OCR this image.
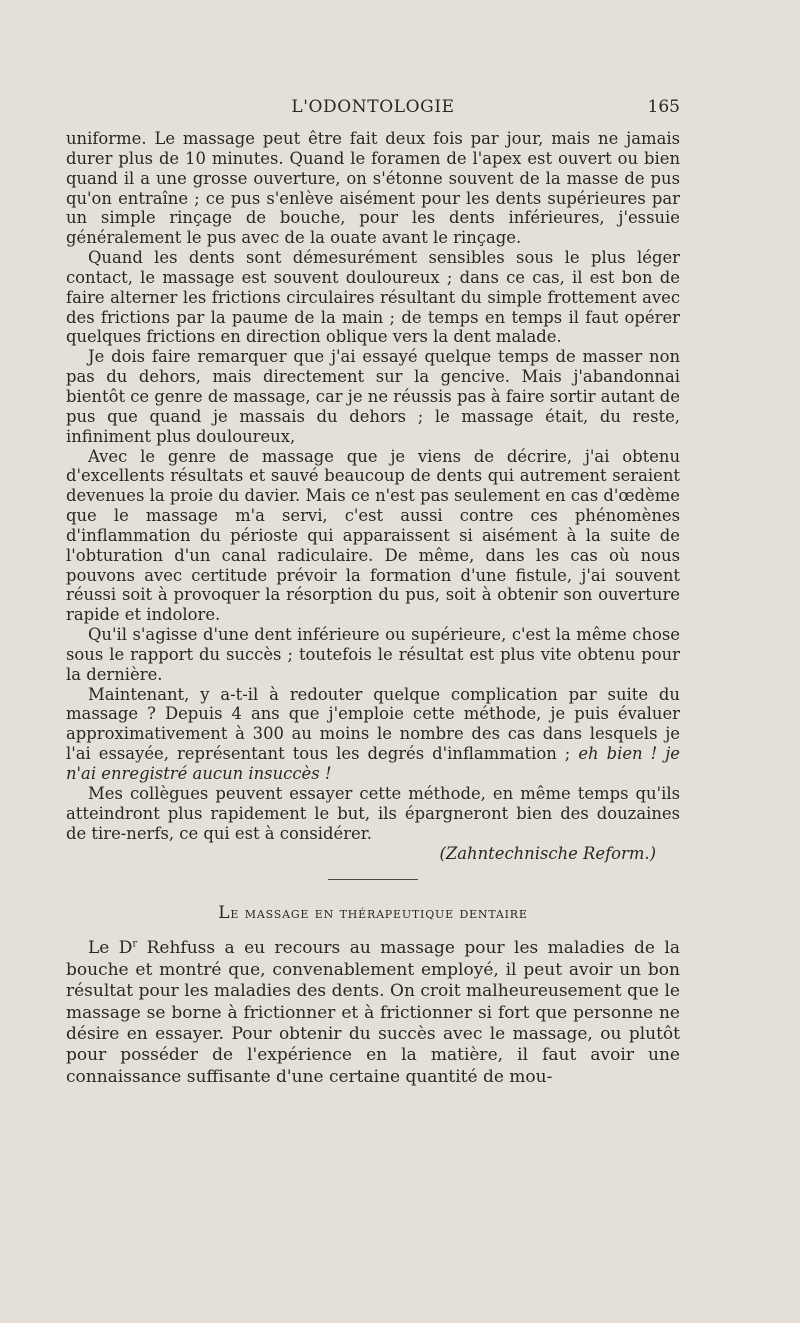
L'ODONTOLOGIE	165

uniforme. Le massage peut être fait deux fois par jour, mais ne jamais durer plus de 10 minutes. Quand le foramen de l'apex est ouvert ou bien quand il a une grosse ouverture, on s'étonne souvent de la masse de pus qu'on entraîne ; ce pus s'enlève aisément pour les dents supérieures par un simple rinçage de bouche, pour les dents inférieures, j'essuie généralement le pus avec de la ouate avant le rinçage.

Quand les dents sont démesurément sensibles sous le plus léger contact, le massage est souvent douloureux ; dans ce cas, il est bon de faire alterner les frictions circulaires résultant du simple frottement avec des frictions par la paume de la main ; de temps en temps il faut opérer quelques frictions en direction oblique vers la dent malade.

Je dois faire remarquer que j'ai essayé quelque temps de masser non pas du dehors, mais directement sur la gencive. Mais j'abandonnai bientôt ce genre de massage, car je ne réussis pas à faire sortir autant de pus que quand je massais du dehors ; le massage était, du reste, infiniment plus douloureux,

Avec le genre de massage que je viens de décrire, j'ai obtenu d'excellents résultats et sauvé beaucoup de dents qui autrement seraient devenues la proie du davier. Mais ce n'est pas seulement en cas d'œdème que le massage m'a servi, c'est aussi contre ces phénomènes d'inflammation du périoste qui apparaissent si aisément à la suite de l'obturation d'un canal radiculaire. De même, dans les cas où nous pouvons avec certitude prévoir la formation d'une fistule, j'ai souvent réussi soit à provoquer la résorption du pus, soit à obtenir son ouverture rapide et indolore.

Qu'il s'agisse d'une dent inférieure ou supérieure, c'est la même chose sous le rapport du succès ; toutefois le résultat est plus vite obtenu pour la dernière.

Maintenant, y a-t-il à redouter quelque complication par suite du massage ? Depuis 4 ans que j'emploie cette méthode, je puis évaluer approximativement à 300 au moins le nombre des cas dans lesquels je l'ai essayée, représentant tous les degrés d'inflammation ; eh bien ! je n'ai enregistré aucun insuccès !

Mes collègues peuvent essayer cette méthode, en même temps qu'ils atteindront plus rapidement le but, ils épargneront bien des douzaines de tire-nerfs, ce qui est à considérer.

(Zahntechnische Reform.)
Le massage en thérapeutique dentaire

Le $D^r$ Rehfuss a eu recours au massage pour les maladies de la bouche et montré que, convenablement employé, il peut avoir un bon résultat pour les maladies des dents. On croit malheureusement que le massage se borne à frictionner et à frictionner si fort que personne ne désire en essayer. Pour obtenir du succès avec le massage, ou plutôt pour posséder de l'expérience en la matière, il faut avoir une connaissance suffisante d'une certaine quantité de mou-
